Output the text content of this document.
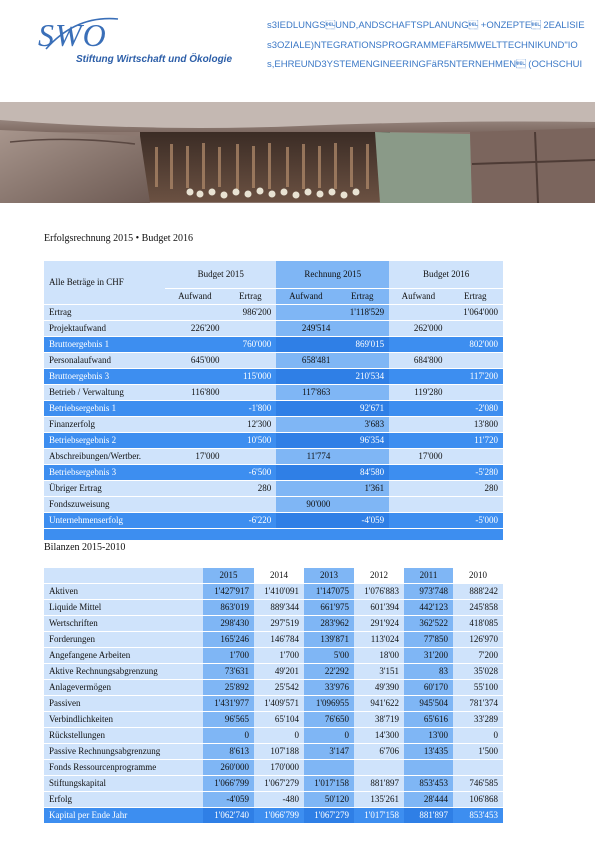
SWO
Stiftung Wirtschaft und Ökologie
s3IEDLUNGSUND,ANDSCHAFTSPLANUNG +ONZEPTE 2EALISIE
s3OZIALE)NTEGRATIONSPROGRAMMEFäR5MWELTTECHNIKUND"IO
s,EHREUND3YSTEMENGINEERINGFäR5NTERNEHMEN (OCHSCHUI
Erfolgsrechnung 2015 • Budget 2016
Alle Beträge in CHF	Budget 2015		Rechnung 2015		Budget 2016	
	Aufwand	Ertrag	Aufwand	Ertrag	Aufwand	Ertrag
Ertrag		986'200		1'118'529		1'064'000
Projektaufwand	226'200		249'514		262'000	
Bruttoergebnis 1		760'000		869'015		802'000
Personalaufwand	645'000		658'481		684'800	
Bruttoergebnis 3		115'000		210'534		117'200
Betrieb / Verwaltung	116'800		117'863		119'280	
Betriebsergebnis 1		-1'800		92'671		-2'080
Finanzerfolg		12'300		3'683		13'800
Betriebsergebnis 2		10'500		96'354		11'720
Abschreibungen/Wertber.	17'000		11'774		17'000	
Betriebsergebnis 3		-6'500		84'580		-5'280
Übriger Ertrag		280		1'361		280
Fondszuweisung			90'000			
Unternehmenserfolg		-6'220		-4'059		-5'000

Bilanzen 2015-2010
	2015	2014	2013	2012	2011	2010
Aktiven	1'427'917	1'410'091	1'147075	1'076'883	973'748	888'242
Liquide Mittel	863'019	889'344	661'975	601'394	442'123	245'858
Wertschriften	298'430	297'519	283'962	291'924	362'522	418'085
Forderungen	165'246	146'784	139'871	113'024	77'850	126'970
Angefangene Arbeiten	1'700	1'700	5'00	18'00	31'200	7'200
Aktive Rechnungsabgrenzung	73'631	49'201	22'292	3'151	83	35'028
Anlagevermögen	25'892	25'542	33'976	49'390	60'170	55'100
Passiven	1'431'977	1'409'571	1'096955	941'622	945'504	781'374
Verbindlichkeiten	96'565	65'104	76'650	38'719	65'616	33'289
Rückstellungen	0	0	0	14'300	13'00	0
Passive Rechnungsabgrenzung	8'613	107'188	3'147	6'706	13'435	1'500
Fonds Ressourcenprogramme	260'000	170'000				
Stiftungskapital	1'066'799	1'067'279	1'017'158	881'897	853'453	746'585
Erfolg	-4'059	-480	50'120	135'261	28'444	106'868
Kapital per Ende Jahr	1'062'740	1'066'799	1'067'279	1'017'158	881'897	853'453
